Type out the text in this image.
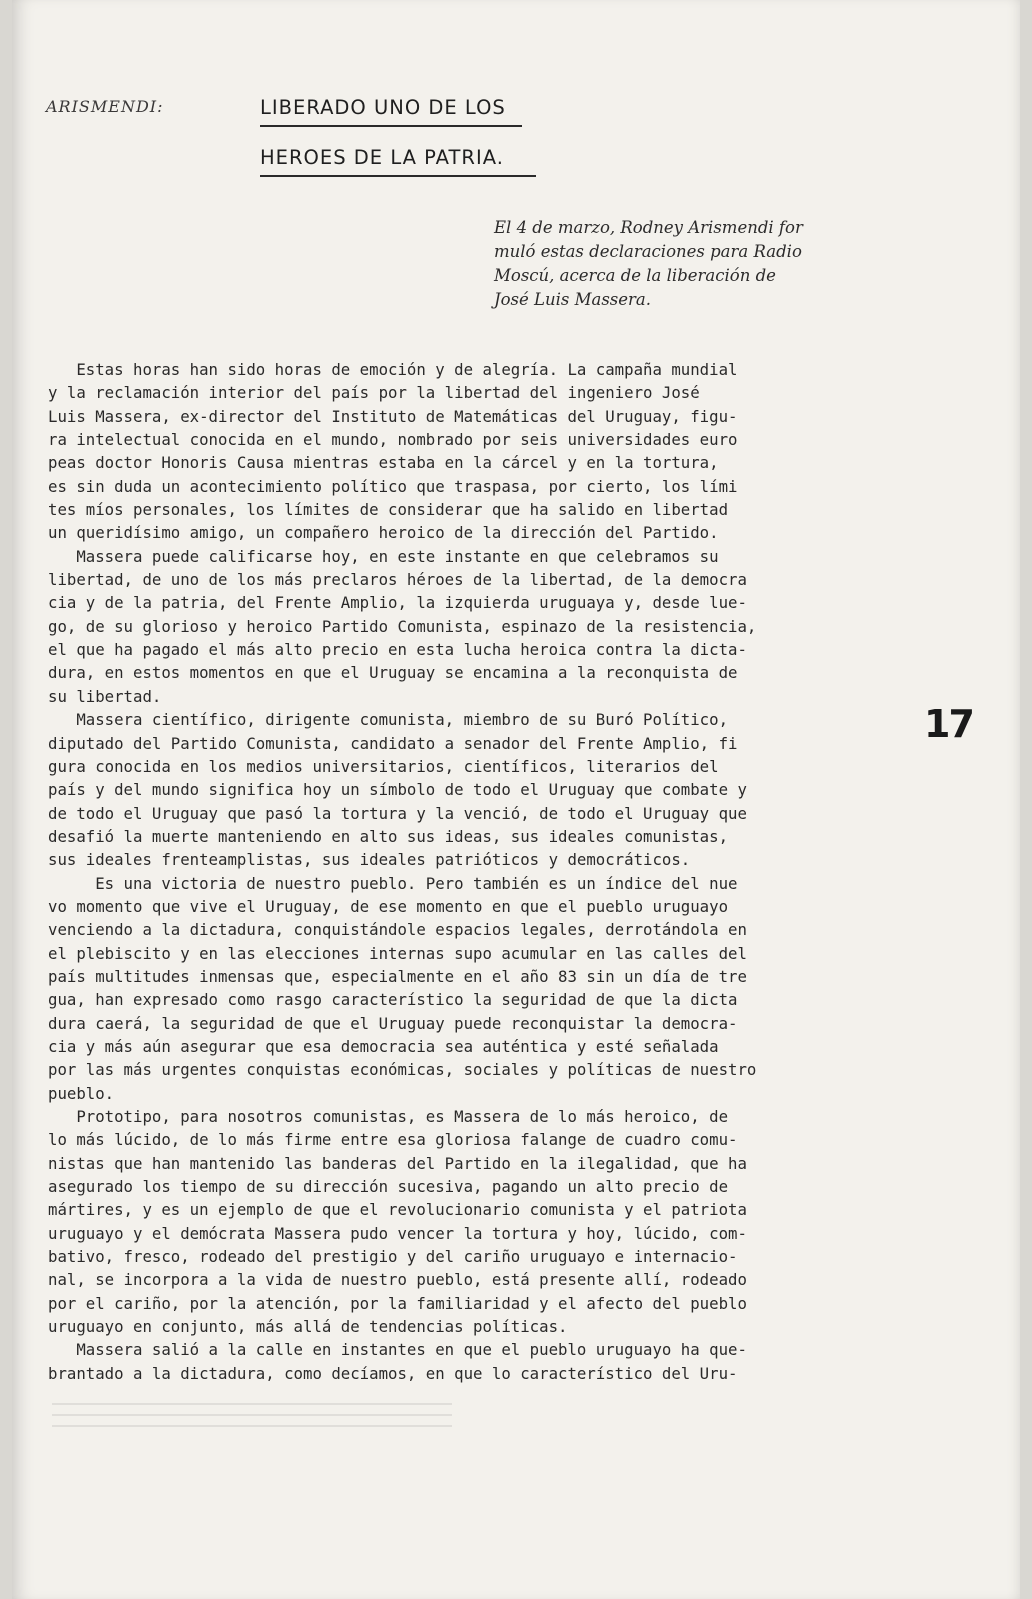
ARISMENDI:	LIBERADO UNO DE LOS
HEROES DE LA PATRIA.
El 4 de marzo, Rodney Arismendi for
muló estas declaraciones para Radio
Moscú, acerca de la liberación de
José Luis Massera.
Estas horas han sido horas de emoción y de alegría. La campaña mundial
y la reclamación interior del país por la libertad del ingeniero José
Luis Massera, ex-director del Instituto de Matemáticas del Uruguay, figu-
ra intelectual conocida en el mundo, nombrado por seis universidades euro
peas doctor Honoris Causa mientras estaba en la cárcel y en la tortura,
es sin duda un acontecimiento político que traspasa, por cierto, los lími
tes míos personales, los límites de considerar que ha salido en libertad
un queridísimo amigo, un compañero heroico de la dirección del Partido.
Massera puede calificarse hoy, en este instante en que celebramos su
libertad, de uno de los más preclaros héroes de la libertad, de la democra
cia y de la patria, del Frente Amplio, la izquierda uruguaya y, desde lue-
go, de su glorioso y heroico Partido Comunista, espinazo de la resistencia,
el que ha pagado el más alto precio en esta lucha heroica contra la dicta-
dura, en estos momentos en que el Uruguay se encamina a la reconquista de
su libertad.
Massera científico, dirigente comunista, miembro de su Buró Político,
diputado del Partido Comunista, candidato a senador del Frente Amplio, fi
gura conocida en los medios universitarios, científicos, literarios del
país y del mundo significa hoy un símbolo de todo el Uruguay que combate y
de todo el Uruguay que pasó la tortura y la venció, de todo el Uruguay que
desafió la muerte manteniendo en alto sus ideas, sus ideales comunistas,
sus ideales frenteamplistas, sus ideales patrióticos y democráticos.
Es una victoria de nuestro pueblo. Pero también es un índice del nue
vo momento que vive el Uruguay, de ese momento en que el pueblo uruguayo
venciendo a la dictadura, conquistándole espacios legales, derrotándola en
el plebiscito y en las elecciones internas supo acumular en las calles del
país multitudes inmensas que, especialmente en el año 83 sin un día de tre
gua, han expresado como rasgo característico la seguridad de que la dicta
dura caerá, la seguridad de que el Uruguay puede reconquistar la democra-
cia y más aún asegurar que esa democracia sea auténtica y esté señalada
por las más urgentes conquistas económicas, sociales y políticas de nuestro
pueblo.
Prototipo, para nosotros comunistas, es Massera de lo más heroico, de
lo más lúcido, de lo más firme entre esa gloriosa falange de cuadro comu-
nistas que han mantenido las banderas del Partido en la ilegalidad, que ha
asegurado los tiempo de su dirección sucesiva, pagando un alto precio de
mártires, y es un ejemplo de que el revolucionario comunista y el patriota
uruguayo y el demócrata Massera pudo vencer la tortura y hoy, lúcido, com-
bativo, fresco, rodeado del prestigio y del cariño uruguayo e internacio-
nal, se incorpora a la vida de nuestro pueblo, está presente allí, rodeado
por el cariño, por la atención, por la familiaridad y el afecto del pueblo
uruguayo en conjunto, más allá de tendencias políticas.
Massera salió a la calle en instantes en que el pueblo uruguayo ha que-
brantado a la dictadura, como decíamos, en que lo característico del Uru-
17
